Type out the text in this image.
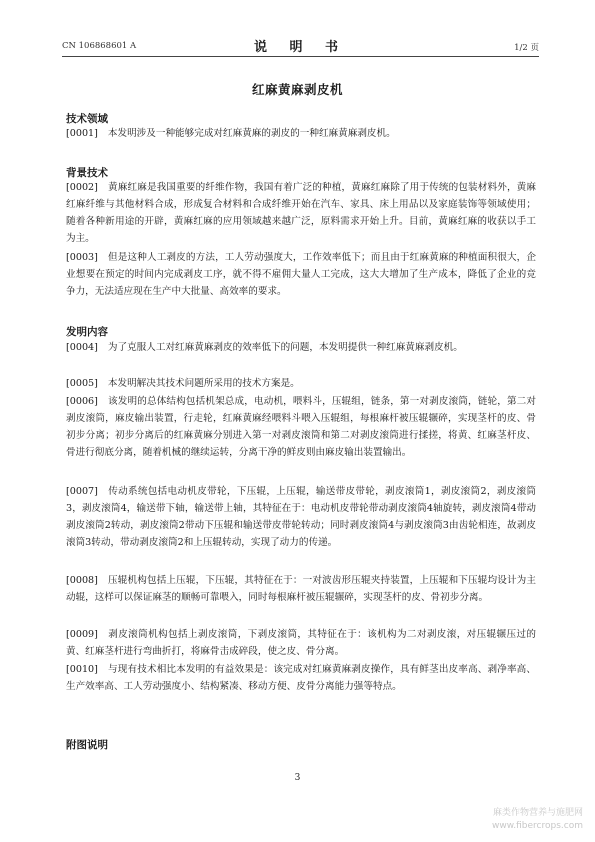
CN 106868601 A	说 明 书	1/2 页
红麻黄麻剥皮机
技术领域
[0001] 本发明涉及一种能够完成对红麻黄麻的剥皮的一种红麻黄麻剥皮机。
背景技术
[0002] 黄麻红麻是我国重要的纤维作物，我国有着广泛的种植，黄麻红麻除了用于传统的包装材料外，黄麻红麻纤维与其他材料合成，形成复合材料和合成纤维开始在汽车、家具、床上用品以及家庭装饰等领域使用；随着各种新用途的开辟，黄麻红麻的应用领域越来越广泛，原料需求开始上升。目前，黄麻红麻的收获以手工为主。
[0003] 但是这种人工剥皮的方法，工人劳动强度大，工作效率低下；而且由于红麻黄麻的种植面积很大，企业想要在预定的时间内完成剥皮工序，就不得不雇佣大量人工完成，这大大增加了生产成本，降低了企业的竞争力，无法适应现在生产中大批量、高效率的要求。
发明内容
[0004] 为了克服人工对红麻黄麻剥皮的效率低下的问题，本发明提供一种红麻黄麻剥皮机。
[0005] 本发明解决其技术问题所采用的技术方案是。
[0006] 该发明的总体结构包括机架总成，电动机，喂料斗，压辊组，链条，第一对剥皮滚筒，链轮，第二对剥皮滚筒，麻皮输出装置，行走轮，红麻黄麻经喂料斗喂入压辊组，每根麻杆被压辊辗碎，实现茎杆的皮、骨初步分离；初步分离后的红麻黄麻分别进入第一对剥皮滚筒和第二对剥皮滚筒进行揉搓，将黄、红麻茎杆皮、骨进行彻底分离，随着机械的继续运转，分离干净的鲜皮则由麻皮输出装置输出。
[0007] 传动系统包括电动机皮带轮，下压辊，上压辊，输送带皮带轮，剥皮滚筒1，剥皮滚筒2，剥皮滚筒3，剥皮滚筒4，输送带下轴，输送带上轴，其特征在于：电动机皮带轮带动剥皮滚筒4轴旋转，剥皮滚筒4带动剥皮滚筒2转动，剥皮滚筒2带动下压辊和输送带皮带轮转动；同时剥皮滚筒4与剥皮滚筒3由齿轮相连，故剥皮滚筒3转动，带动剥皮滚筒2和上压辊转动，实现了动力的传递。
[0008] 压辊机构包括上压辊，下压辊，其特征在于：一对波齿形压辊夹持装置，上压辊和下压辊均设计为主动辊，这样可以保证麻茎的顺畅可靠喂入，同时每根麻杆被压辊辗碎，实现茎杆的皮、骨初步分离。
[0009] 剥皮滚筒机构包括上剥皮滚筒，下剥皮滚筒，其特征在于：该机构为二对剥皮滚，对压辊辗压过的黄、红麻茎杆进行弯曲折打，将麻骨击成碎段，使之皮、骨分离。
[0010] 与现有技术相比本发明的有益效果是：该完成对红麻黄麻剥皮操作，具有鲜茎出皮率高、剥净率高、生产效率高、工人劳动强度小、结构紧凑、移动方便、皮骨分离能力强等特点。
附图说明
3
麻类作物营养与施肥网
www.fibercrops.com
